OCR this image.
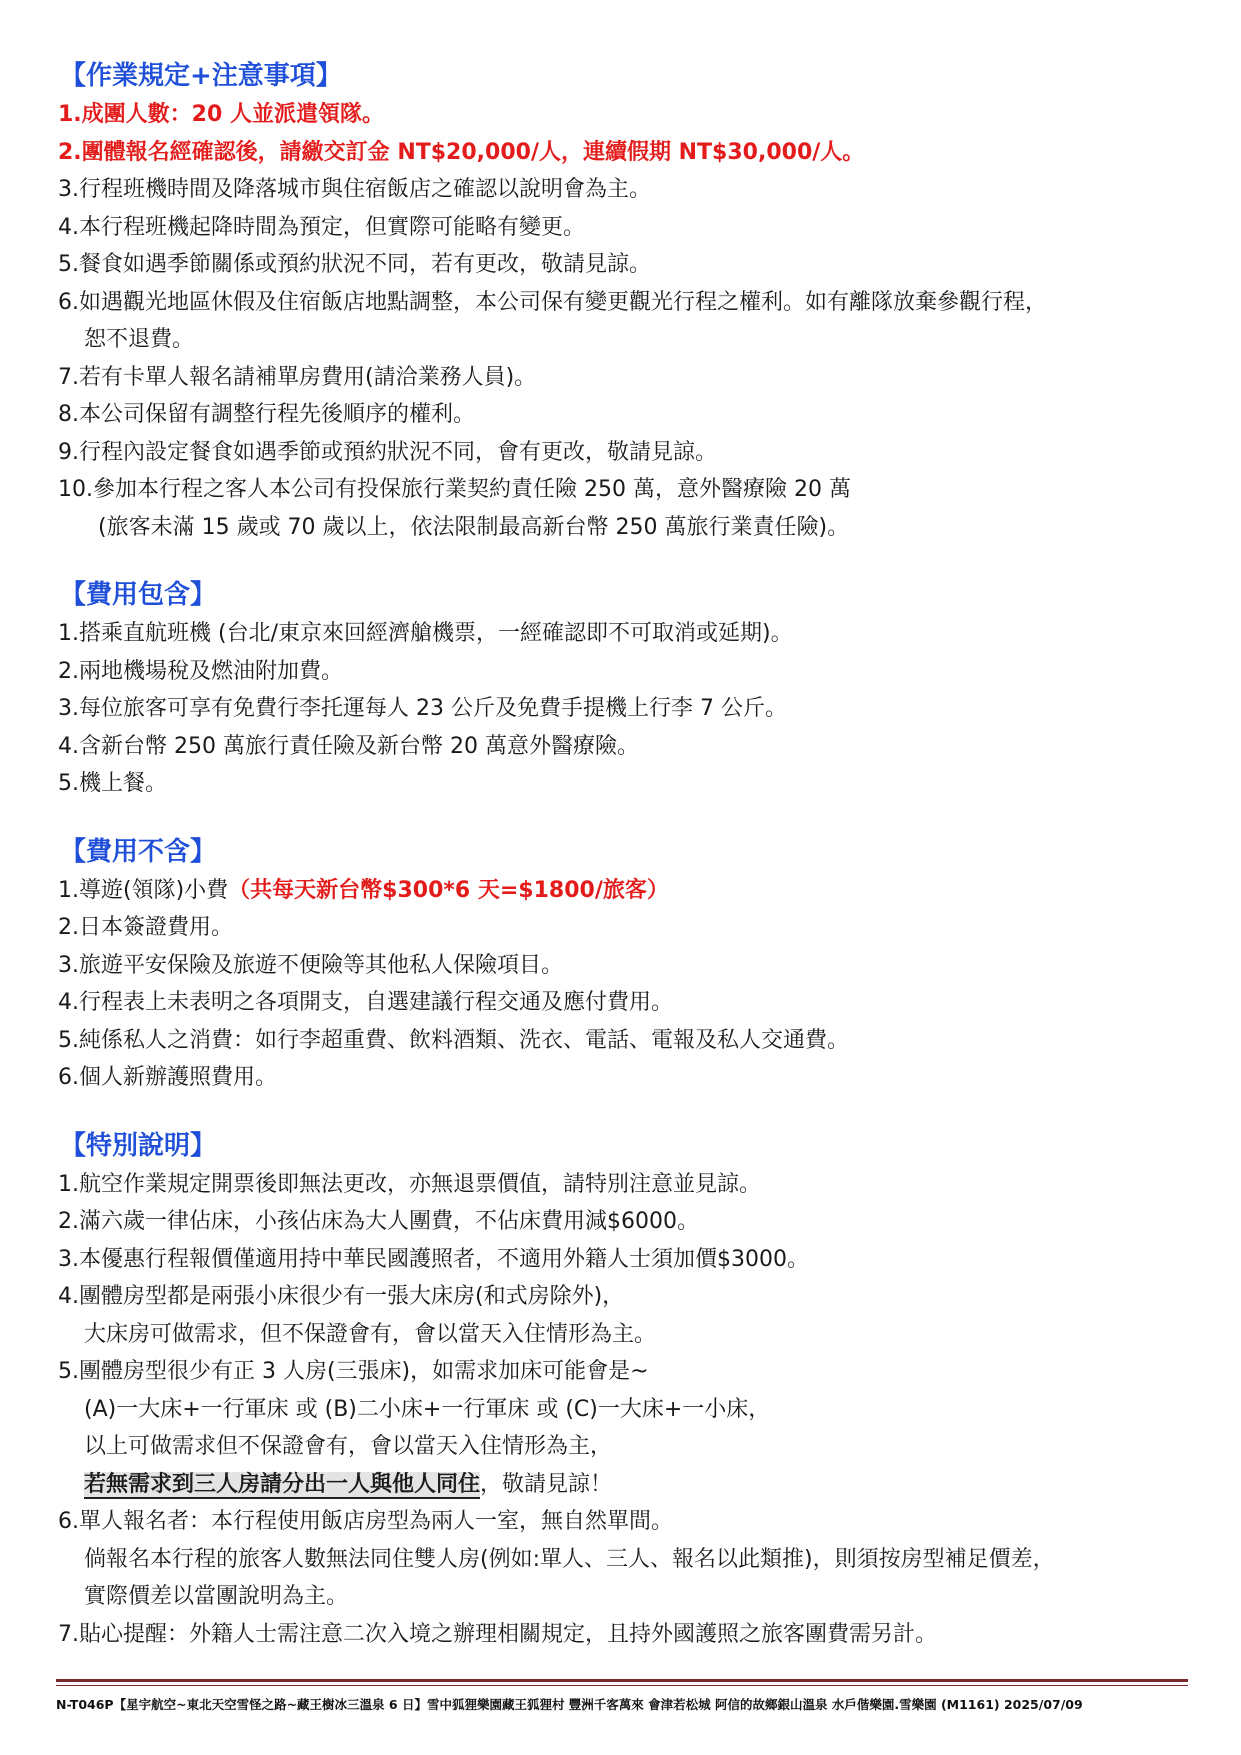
【作業規定+注意事項】
1.成團人數：20 人並派遣領隊。
2.團體報名經確認後，請繳交訂金 NT$20,000/人，連續假期 NT$30,000/人。
3.行程班機時間及降落城市與住宿飯店之確認以說明會為主。
4.本行程班機起降時間為預定，但實際可能略有變更。
5.餐食如遇季節關係或預約狀況不同，若有更改，敬請見諒。
6.如遇觀光地區休假及住宿飯店地點調整，本公司保有變更觀光行程之權利。如有離隊放棄參觀行程，
恕不退費。
7.若有卡單人報名請補單房費用(請洽業務人員)。
8.本公司保留有調整行程先後順序的權利。
9.行程內設定餐食如遇季節或預約狀況不同，會有更改，敬請見諒。
10.參加本行程之客人本公司有投保旅行業契約責任險 250 萬，意外醫療險 20 萬
(旅客未滿 15 歲或 70 歲以上，依法限制最高新台幣 250 萬旅行業責任險)。
【費用包含】
1.搭乘直航班機 (台北/東京來回經濟艙機票，一經確認即不可取消或延期)。
2.兩地機場稅及燃油附加費。
3.每位旅客可享有免費行李托運每人 23 公斤及免費手提機上行李 7 公斤。
4.含新台幣 250 萬旅行責任險及新台幣 20 萬意外醫療險。
5.機上餐。
【費用不含】
1.導遊(領隊)小費（共每天新台幣$300*6 天=$1800/旅客）
2.日本簽證費用。
3.旅遊平安保險及旅遊不便險等其他私人保險項目。
4.行程表上未表明之各項開支，自選建議行程交通及應付費用。
5.純係私人之消費：如行李超重費、飲料酒類、洗衣、電話、電報及私人交通費。
6.個人新辦護照費用。
【特別說明】
1.航空作業規定開票後即無法更改，亦無退票價值，請特別注意並見諒。
2.滿六歲一律佔床，小孩佔床為大人團費，不佔床費用減$6000。
3.本優惠行程報價僅適用持中華民國護照者，不適用外籍人士須加價$3000。
4.團體房型都是兩張小床很少有一張大床房(和式房除外)，
大床房可做需求，但不保證會有，會以當天入住情形為主。
5.團體房型很少有正 3 人房(三張床)，如需求加床可能會是~
(A)一大床+一行軍床 或 (B)二小床+一行軍床 或 (C)一大床+一小床，
以上可做需求但不保證會有，會以當天入住情形為主，
若無需求到三人房請分出一人與他人同住，敬請見諒！
6.單人報名者：本行程使用飯店房型為兩人一室，無自然單間。
倘報名本行程的旅客人數無法同住雙人房(例如:單人、三人、報名以此類推)，則須按房型補足價差，
實際價差以當團說明為主。
7.貼心提醒：外籍人士需注意二次入境之辦理相關規定，且持外國護照之旅客團費需另計。
N-T046P【星宇航空~東北天空雪怪之路~藏王樹冰三溫泉 6 日】雪中狐狸樂園藏王狐狸村 豐洲千客萬來 會津若松城 阿信的故鄉銀山溫泉 水戶偕樂園.雪樂園 (M1161) 2025/07/09
